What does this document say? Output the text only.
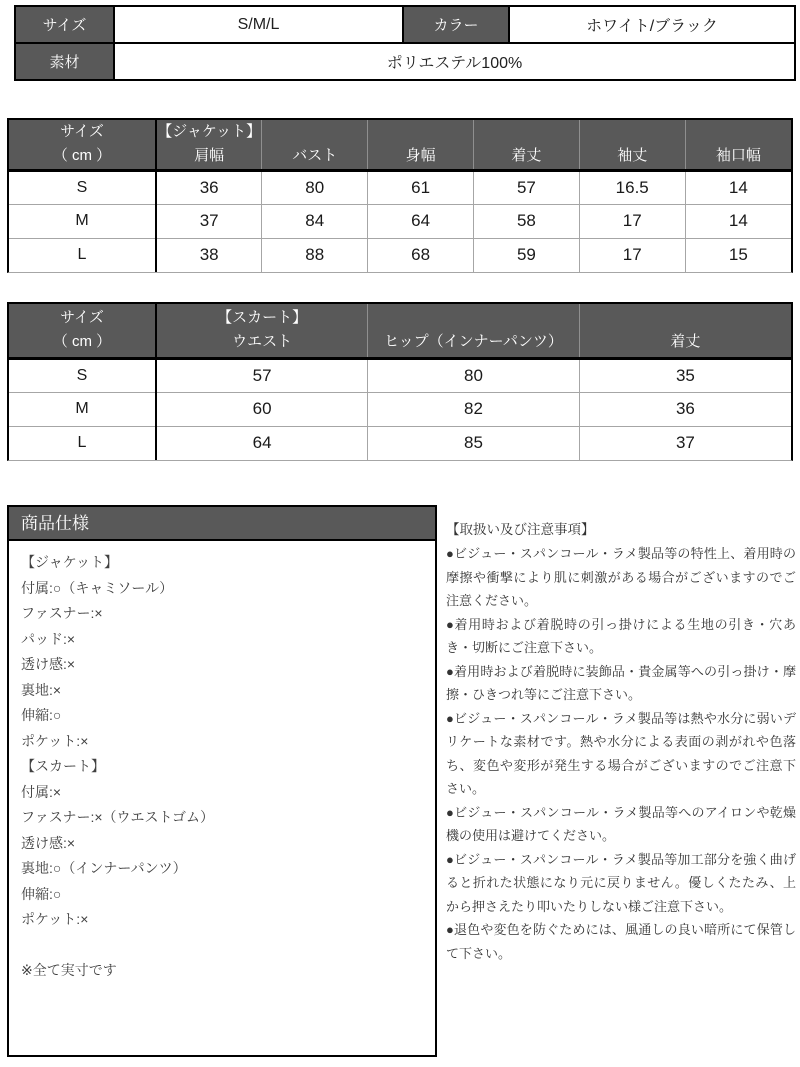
サイズ	S/M/L	カラー	ホワイト/ブラック
素材	ポリエステル100%		
サイズ
（ cm ）

【ジャケット】
肩幅	バスト	身幅	着丈	袖丈	袖口幅

S	36	80	61	57	16.5	14
M	37	84	64	58	17	14
L	38	88	68	59	17	15
サイズ
（ cm ）

【スカート】
ウエスト	ヒップ（インナーパンツ）	着丈

S	57	80	35
M	60	82	36
L	64	85	37
商品仕様
【ジャケット】
付属:○（キャミソール）
ファスナー:×
パッド:×
透け感:×
裏地:×
伸縮:○
ポケット:×
【スカート】
付属:×
ファスナー:×（ウエストゴム）
透け感:×
裏地:○（インナーパンツ）
伸縮:○
ポケット:×
※全て実寸です
【取扱い及び注意事項】

●ビジュー・スパンコール・ラメ製品等の特性上、着用時の摩擦や衝撃により肌に刺激がある場合がございますのでご注意ください。

●着用時および着脱時の引っ掛けによる生地の引き・穴あき・切断にご注意下さい。

●着用時および着脱時に装飾品・貴金属等への引っ掛け・摩擦・ひきつれ等にご注意下さい。

●ビジュー・スパンコール・ラメ製品等は熱や水分に弱いデリケートな素材です。熱や水分による表面の剥がれや色落ち、変色や変形が発生する場合がございますのでご注意下さい。

●ビジュー・スパンコール・ラメ製品等へのアイロンや乾燥機の使用は避けてください。

●ビジュー・スパンコール・ラメ製品等加工部分を強く曲げると折れた状態になり元に戻りません。優しくたたみ、上から押さえたり叩いたりしない様ご注意下さい。

●退色や変色を防ぐためには、風通しの良い暗所にて保管して下さい。
